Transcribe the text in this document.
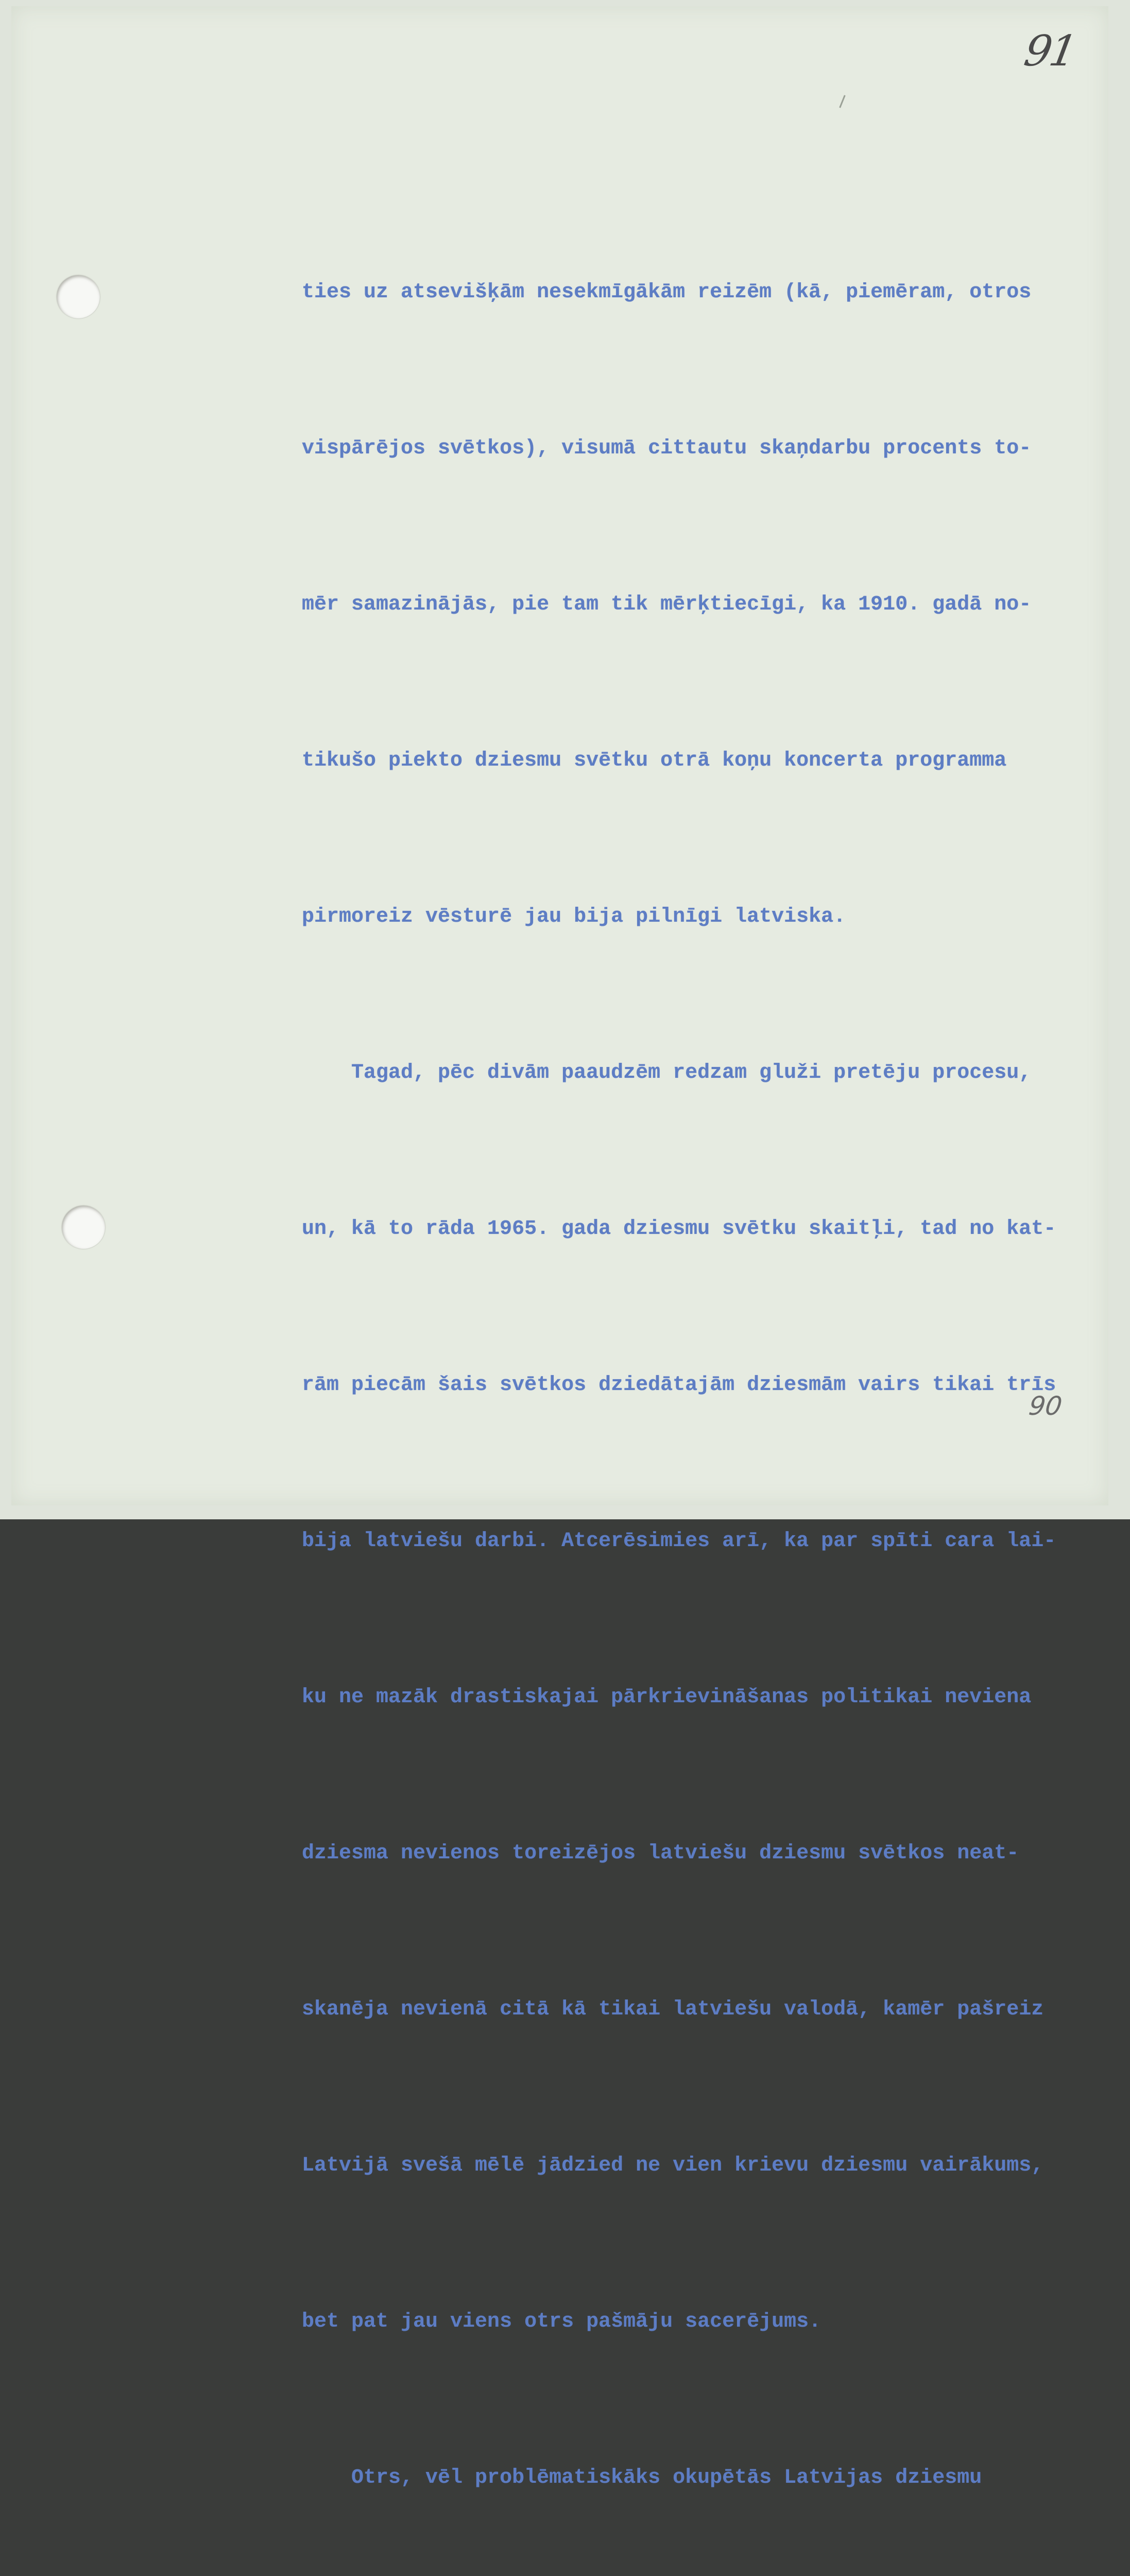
91

ties uz atsevišķām nesekmīgākām reizēm (kā, piemēram, otros

vispārējos svētkos), visumā cittautu skaņdarbu procents to-

mēr samazinājās, pie tam tik mērķtiecīgi, ka 1910. gadā no-

tikušo piekto dziesmu svētku otrā koņu koncerta programma

pirmoreiz vēsturē jau bija pilnīgi latviska.

Tagad, pēc divām paaudzēm redzam gluži pretēju procesu,

un, kā to rāda 1965. gada dziesmu svētku skaitļi, tad no kat-

rām piecām šais svētkos dziedātajām dziesmām vairs tikai trīs

bija latviešu darbi. Atcerēsimies arī, ka par spīti cara lai-

ku ne mazāk drastiskajai pārkrievināšanas politikai neviena

dziesma nevienos toreizējos latviešu dziesmu svētkos neat-

skanēja nevienā citā kā tikai latviešu valodā, kamēr pašreiz

Latvijā svešā mēlē jādzied ne vien krievu dziesmu vairākums,

bet pat jau viens otrs pašmāju sacerējums.

Otrs, vēl problēmatiskāks okupētās Latvijas dziesmu

90
